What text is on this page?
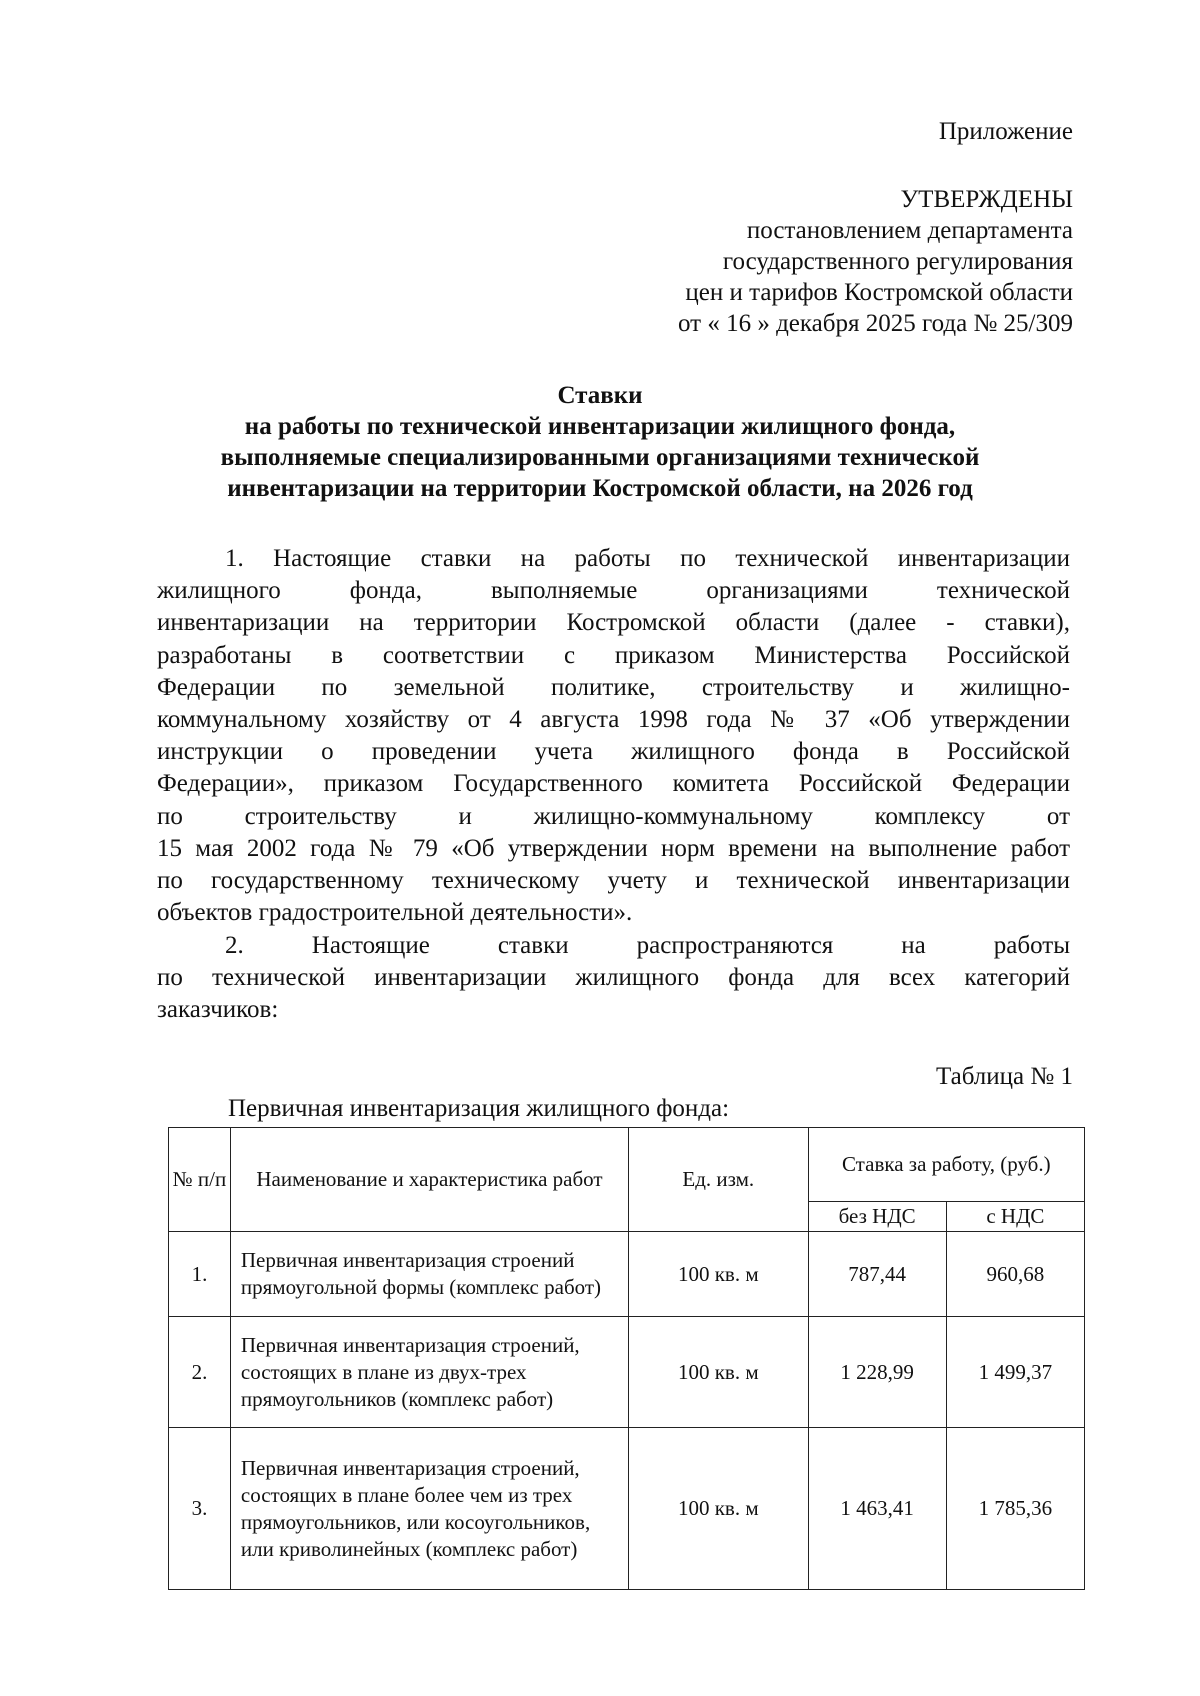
Приложение
УТВЕРЖДЕНЫ
постановлением департамента
государственного регулирования
цен и тарифов Костромской области
от « 16 » декабря 2025 года № 25/309
Ставки
на работы по технической инвентаризации жилищного фонда,
выполняемые специализированными организациями технической
инвентаризации на территории Костромской области, на 2026 год
1. Настоящие ставки на работы по технической инвентаризации
жилищного фонда, выполняемые организациями технической
инвентаризации на территории Костромской области (далее - ставки),
разработаны в соответствии с приказом Министерства Российской
Федерации по земельной политике, строительству и жилищно-
коммунальному хозяйству от 4 августа 1998 года № 37 «Об утверждении
инструкции о проведении учета жилищного фонда в Российской
Федерации», приказом Государственного комитета Российской Федерации
по строительству и жилищно-коммунальному комплексу от
15 мая 2002 года № 79 «Об утверждении норм времени на выполнение работ
по государственному техническому учету и технической инвентаризации
объектов градостроительной деятельности».
2. Настоящие ставки распространяются на работы
по технической инвентаризации жилищного фонда для всех категорий
заказчиков:
Таблица № 1
Первичная инвентаризация жилищного фонда:
№ п/п	Наименование и характеристика работ	Ед. изм.	Ставка за работу, (руб.)	
			без НДС	с НДС
1.	Первичная инвентаризация строений прямоугольной формы (комплекс работ)	100 кв. м	787,44	960,68
2.	Первичная инвентаризация строений, состоящих в плане из двух-трех прямоугольников (комплекс работ)	100 кв. м	1 228,99	1 499,37
3.	Первичная инвентаризация строений, состоящих в плане более чем из трех прямоугольников, или косоугольников, или криволинейных (комплекс работ)	100 кв. м	1 463,41	1 785,36
